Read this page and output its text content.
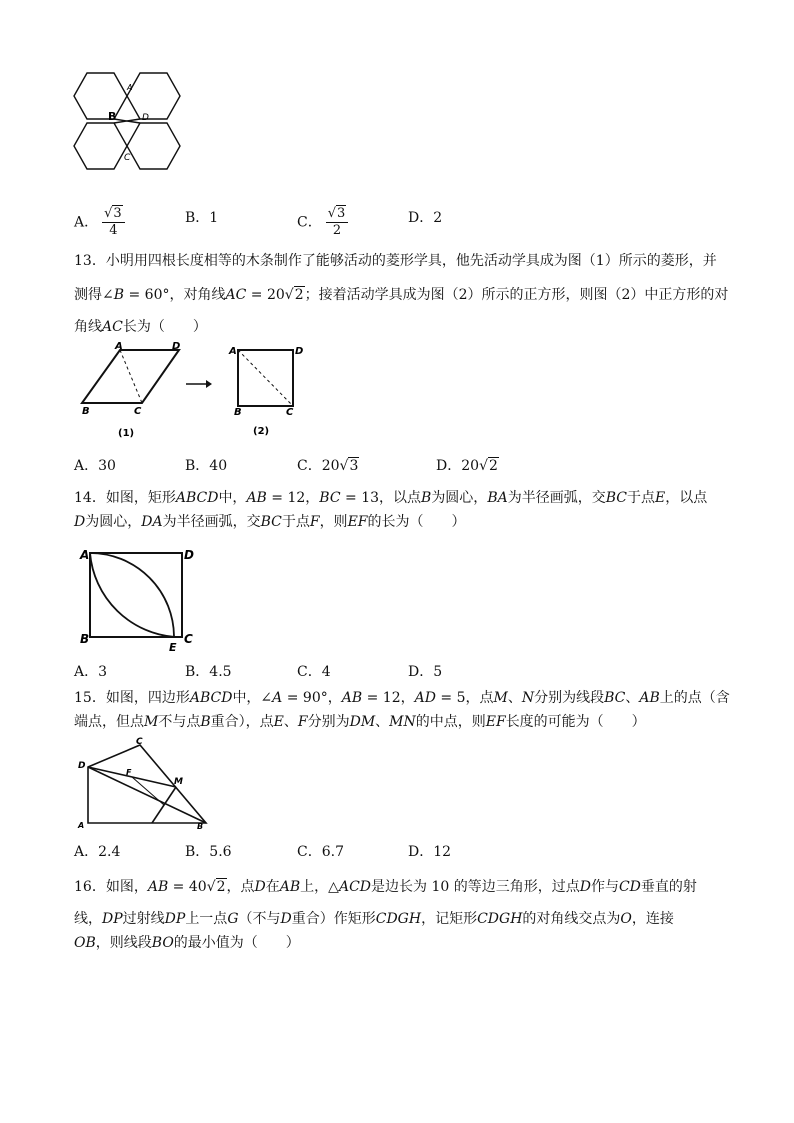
A
B	D
C
A． $\frac{√3}{4}$	B．1	C． $\frac{√3}{2}$	D．2
13．小明用四根长度相等的木条制作了能够活动的菱形学具，他先活动学具成为图（1）所示的菱形，并
测得∠B = 60°，对角线AC = 20√2；接着活动学具成为图（2）所示的正方形，则图（2）中正方形的对
角线AC长为（　　）
A	D
B	C
(1)
A	D
B	C
(2)
A．30	B．40	C．20√3	D．20√2
14．如图，矩形ABCD中，AB = 12，BC = 13，以点B为圆心，BA为半径画弧，交BC于点E，以点
D为圆心，DA为半径画弧，交BC于点F，则EF的长为（　　）
A	D
B	C
E
A．3	B．4.5	C．4	D．5
15．如图，四边形ABCD中，∠A = 90°，AB = 12，AD = 5，点M、N分别为线段BC、AB上的点（含
端点，但点M不与点B重合），点E、F分别为DM、MN的中点，则EF长度的可能为（　　）
C
D
F
M
A	B
A．2.4	B．5.6	C．6.7	D．12
16．如图，AB = 40√2，点D在AB上，△ACD是边长为 10 的等边三角形，过点D作与CD垂直的射
线，DP过射线DP上一点G（不与D重合）作矩形CDGH，记矩形CDGH的对角线交点为O，连接
OB，则线段BO的最小值为（　　）
